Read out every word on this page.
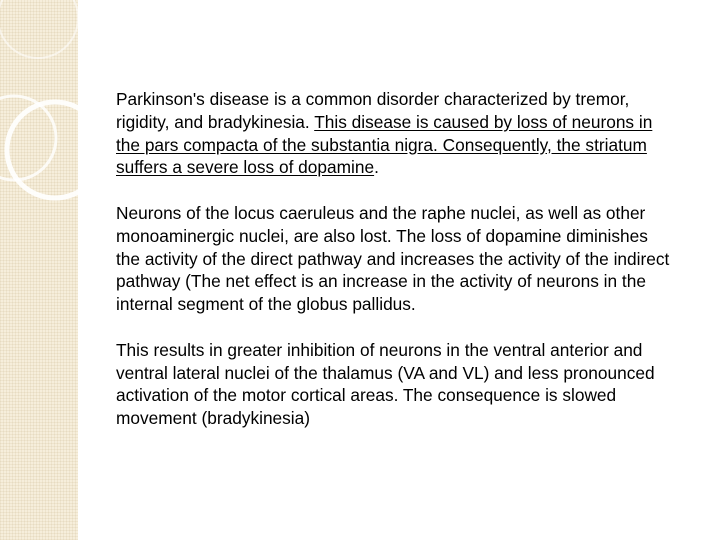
Parkinson's disease is a common disorder characterized by tremor, rigidity, and bradykinesia. This disease is caused by loss of neurons in the pars compacta of the substantia nigra. Consequently, the striatum suffers a severe loss of dopamine.

Neurons of the locus caeruleus and the raphe nuclei, as well as other monoaminergic nuclei, are also lost. The loss of dopamine diminishes the activity of the direct pathway and increases the activity of the indirect pathway (The net effect is an increase in the activity of neurons in the internal segment of the globus pallidus.

This results in greater inhibition of neurons in the ventral anterior and ventral lateral nuclei of the thalamus (VA and VL) and less pronounced activation of the motor cortical areas. The consequence is slowed movement (bradykinesia)
